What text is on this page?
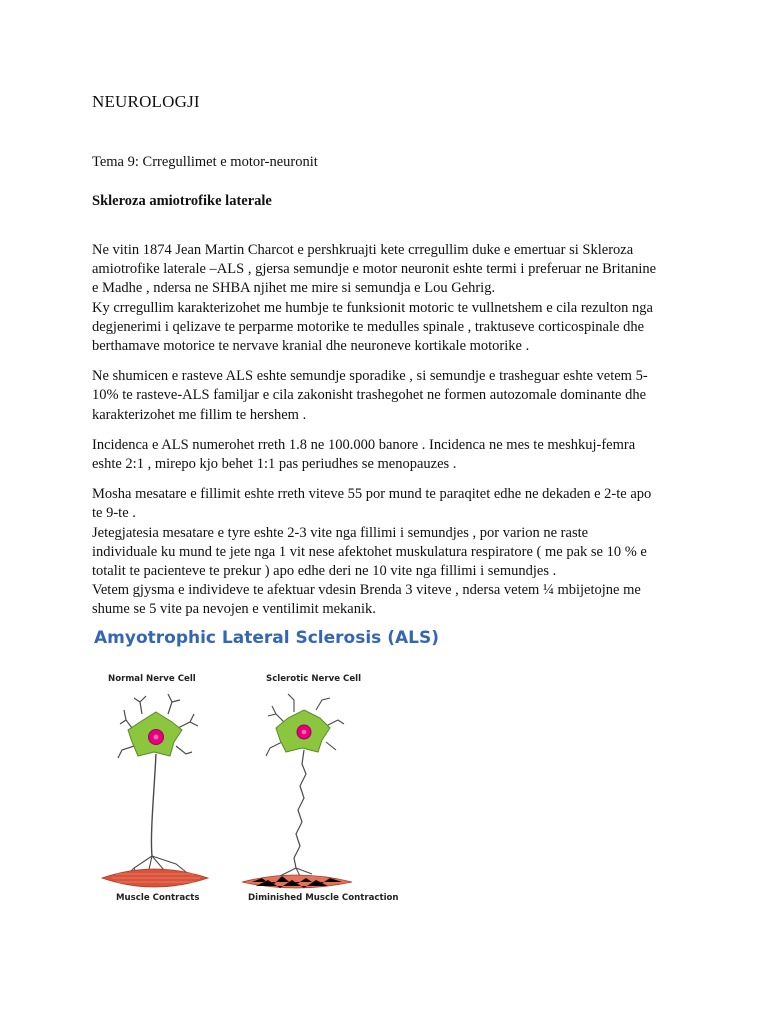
NEUROLOGJI
Tema 9: Crregullimet e motor-neuronit
Skleroza amiotrofike laterale

Ne vitin 1874 Jean Martin Charcot e pershkruajti kete crregullim duke e emertuar si Skleroza
amiotrofike laterale –ALS , gjersa semundje e motor neuronit eshte termi i preferuar ne Britanine
e Madhe , ndersa ne SHBA njihet me mire si semundja e Lou Gehrig.
Ky crregullim karakterizohet me humbje te funksionit motoric te vullnetshem e cila rezulton nga
degjenerimi i qelizave te perparme motorike te medulles spinale , traktuseve corticospinale dhe
berthamave motorice te nervave kranial dhe neuroneve kortikale motorike .

Ne shumicen e rasteve ALS eshte semundje sporadike , si semundje e trasheguar eshte vetem 5-
10% te rasteve-ALS familjar e cila zakonisht trashegohet ne formen autozomale dominante dhe
karakterizohet me fillim te hershem .

Incidenca e ALS numerohet rreth 1.8 ne 100.000 banore . Incidenca ne mes te meshkuj-femra
eshte 2:1 , mirepo kjo behet 1:1 pas periudhes se menopauzes .

Mosha mesatare e fillimit eshte rreth viteve 55 por mund te paraqitet edhe ne dekaden e 2-te apo
te 9-te .
Jetegjatesia mesatare e tyre eshte 2-3 vite nga fillimi i semundjes , por varion ne raste
individuale ku mund te jete nga 1 vit nese afektohet muskulatura respiratore ( me pak se 10 % e
totalit te pacienteve te prekur ) apo edhe deri ne 10 vite nga fillimi i semundjes .
Vetem gjysma e individeve te afektuar vdesin Brenda 3 viteve , ndersa vetem ¼ mbijetojne me
shume se 5 vite pa nevojen e ventilimit mekanik.

Amyotrophic Lateral Sclerosis (ALS)
Normal Nerve Cell	Sclerotic Nerve Cell
Muscle Contracts	Diminished Muscle Contraction
